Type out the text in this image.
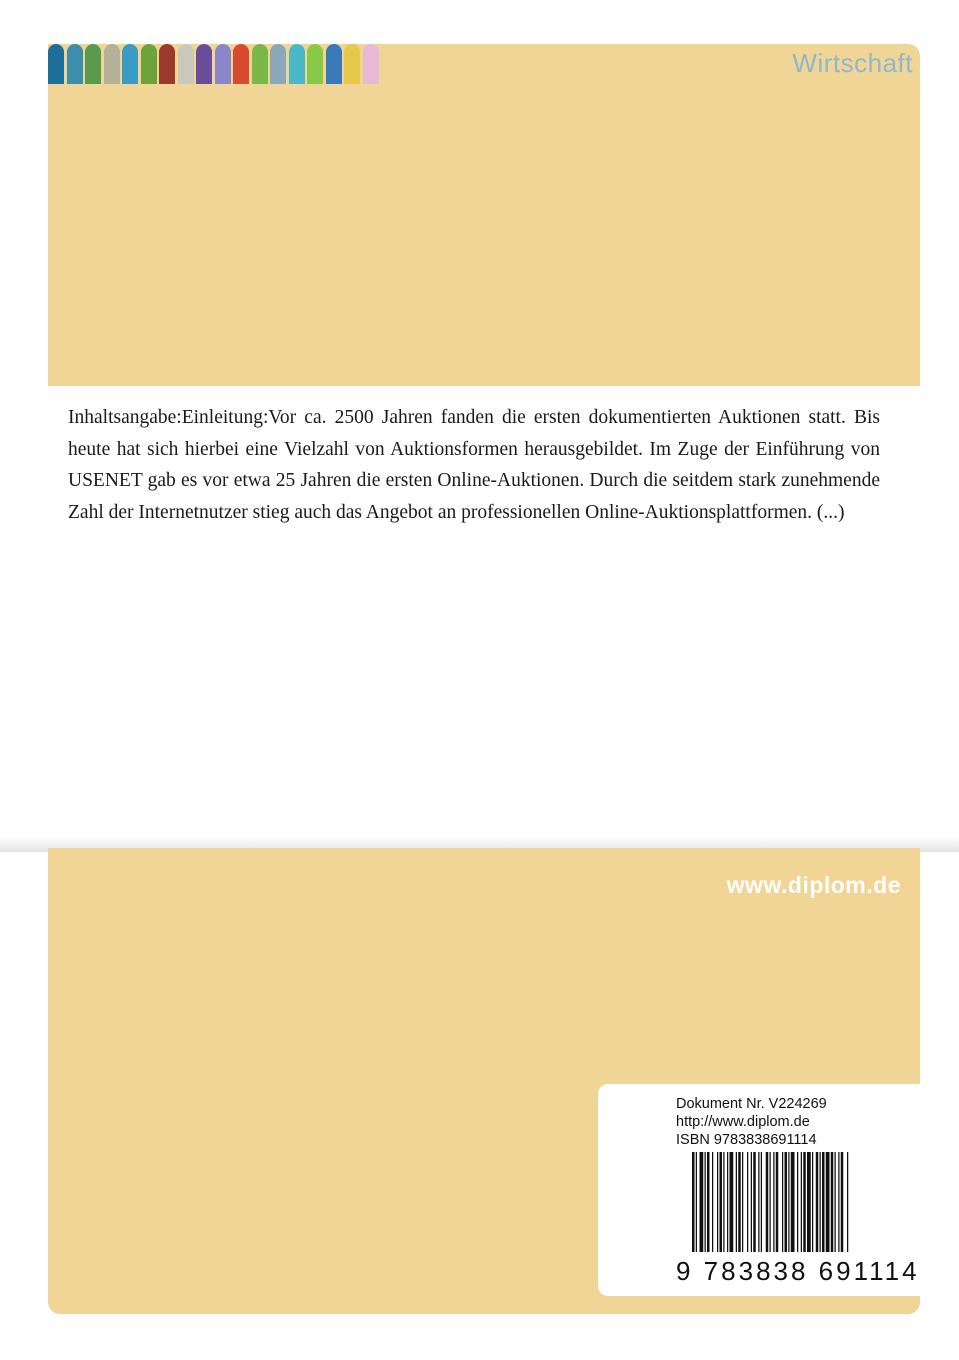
Wirtschaft

Inhaltsangabe:Einleitung:Vor ca. 2500 Jahren fanden die ersten dokumentierten Auktionen statt. Bis heute hat sich hierbei eine Vielzahl von Auktionsformen herausgebildet. Im Zuge der Einführung von USENET gab es vor etwa 25 Jahren die ersten Online-Auktionen. Durch die seitdem stark zunehmende Zahl der Internetnutzer stieg auch das Angebot an professionellen Online-Auktionsplattformen. (...)

www.diplom.de
Dokument Nr. V224269
http://www.diplom.de
ISBN 9783838691114
9 783838 691114
